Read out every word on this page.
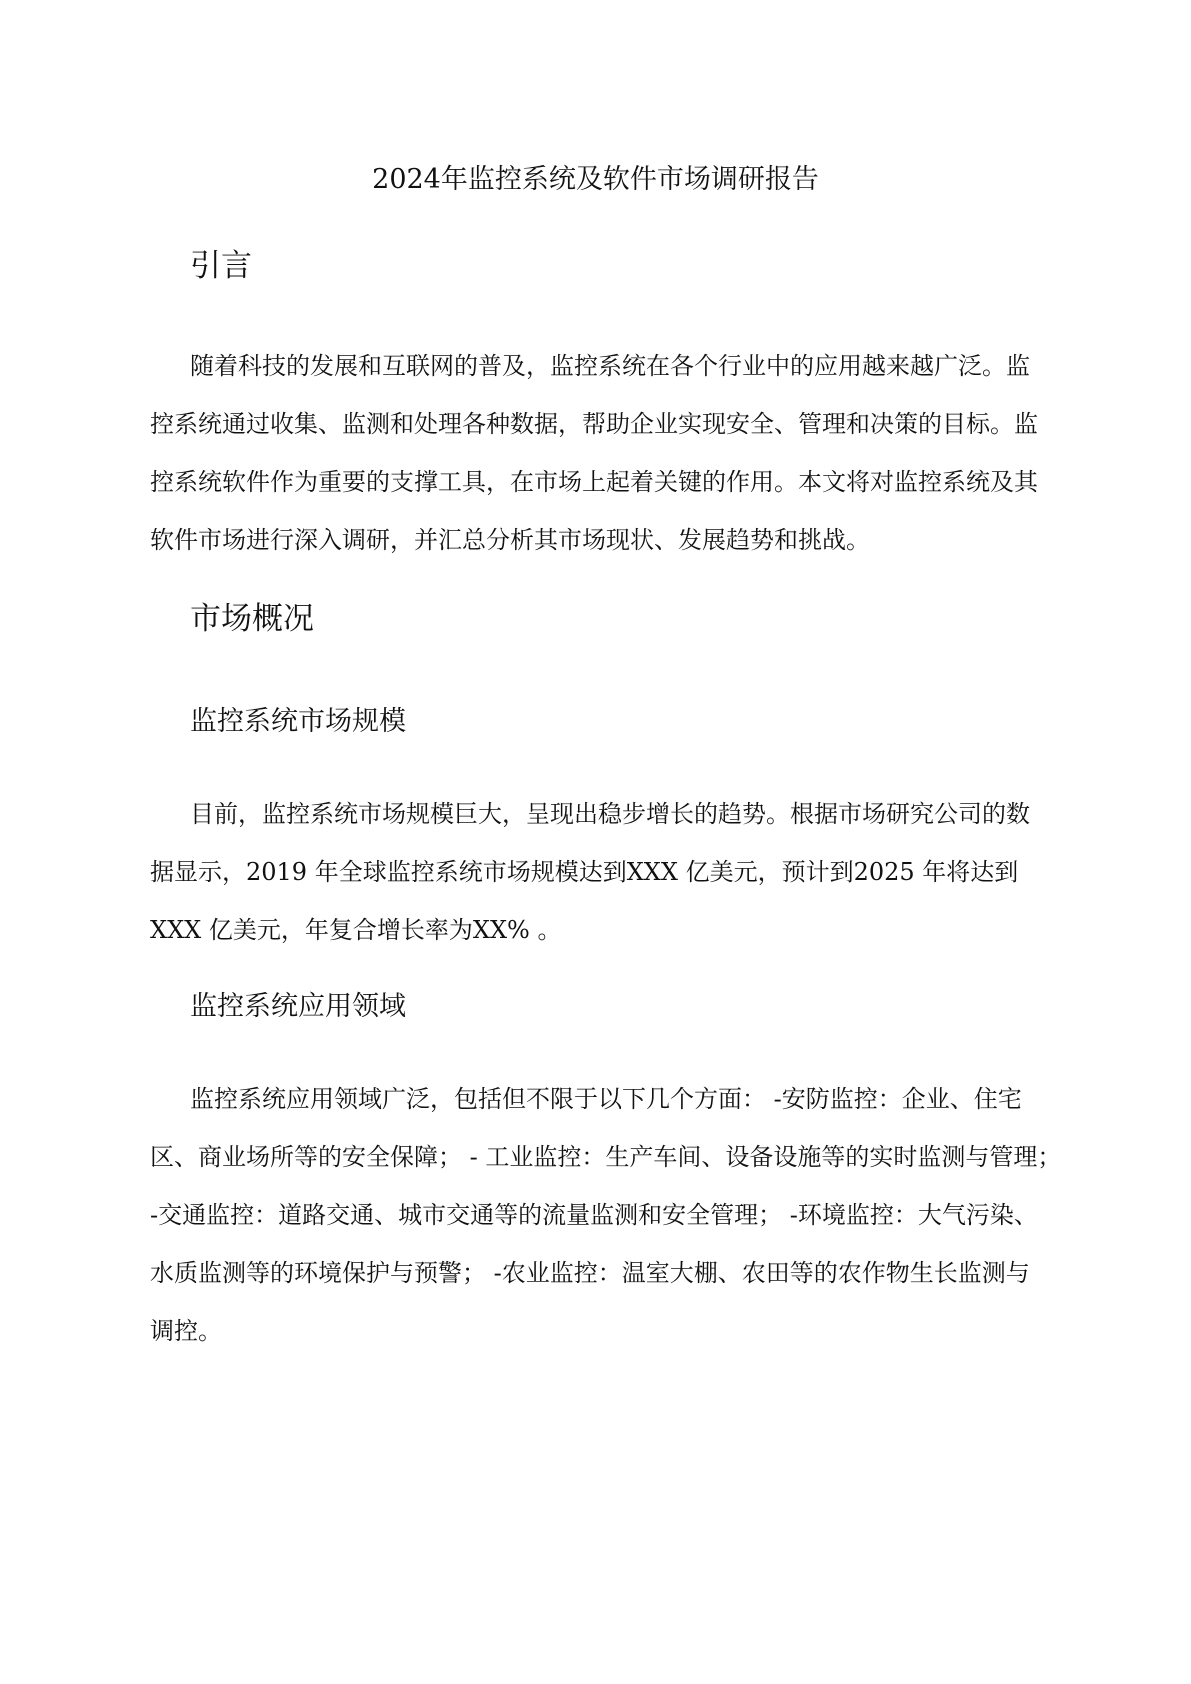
2024年监控系统及软件市场调研报告
引言
随着科技的发展和互联网的普及，监控系统在各个行业中的应用越来越广泛。监
控系统通过收集、监测和处理各种数据，帮助企业实现安全、管理和决策的目标。监
控系统软件作为重要的支撑工具，在市场上起着关键的作用。本文将对监控系统及其
软件市场进行深入调研，并汇总分析其市场现状、发展趋势和挑战。
市场概况
监控系统市场规模
目前，监控系统市场规模巨大，呈现出稳步增长的趋势。根据市场研究公司的数
据显示，2019 年全球监控系统市场规模达到XXX 亿美元，预计到2025 年将达到
XXX 亿美元，年复合增长率为XX% 。
监控系统应用领域
监控系统应用领域广泛，包括但不限于以下几个方面： -安防监控：企业、住宅
区、商业场所等的安全保障； - 工业监控：生产车间、设备设施等的实时监测与管理；
-交通监控：道路交通、城市交通等的流量监测和安全管理； -环境监控：大气污染、
水质监测等的环境保护与预警； -农业监控：温室大棚、农田等的农作物生长监测与
调控。
